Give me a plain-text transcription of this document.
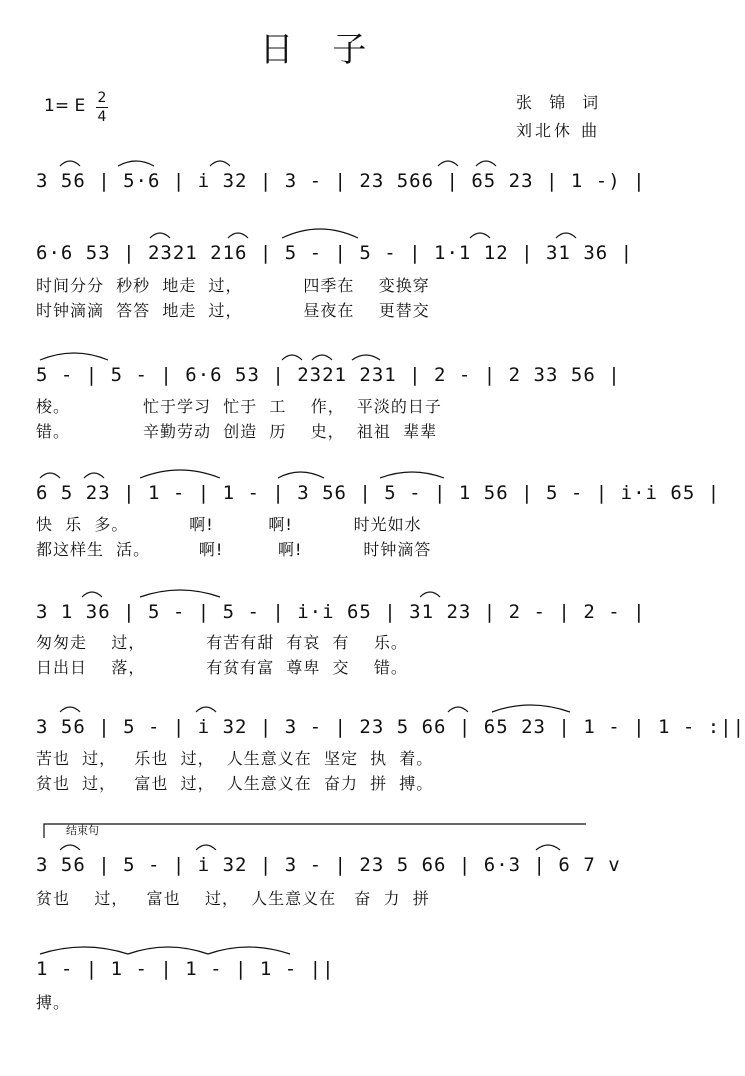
日 子
1= E 2
4
张 锦 词
刘北休 曲
3 56 | 5·6 | i 32 | 3 - | 23 566 | 65 23 | 1 -) |
6·6 53 | 2321 216 | 5 - | 5 - | 1·1 12 | 31 36 |
时间分分  秒秒  地走  过，          四季在    变换穿
时钟滴滴  答答  地走  过，          昼夜在    更替交
5 - | 5 - | 6·6 53 | 2321 231 | 2 - | 2 33 56 |
梭。            忙于学习  忙于  工    作，  平淡的日子
错。            辛勤劳动  创造  历    史，  祖祖  辈辈
6 5 23 | 1 - | 1 - | 3 56 | 5 - | 1 56 | 5 - | i·i 65 |
快  乐  多。          啊!         啊!          时光如水
都这样生  活。        啊!         啊!          时钟滴答
3 1 36 | 5 - | 5 - | i·i 65 | 31 23 | 2 - | 2 - |
匆匆走    过，          有苦有甜  有哀  有    乐。
日出日    落，          有贫有富  尊卑  交    错。
3 56 | 5 - | i 32 | 3 - | 23 5 66 | 65 23 | 1 - | 1 - :||
苦也  过，   乐也  过，  人生意义在  坚定  执  着。
贫也  过，   富也  过，  人生意义在  奋力  拼  搏。
结束句
3 56 | 5 - | i 32 | 3 - | 23 5 66 | 6·3 | 6 7 v
贫也    过，   富也    过，  人生意义在   奋  力  拼
1 - | 1 - | 1 - | 1 - ||
搏。
